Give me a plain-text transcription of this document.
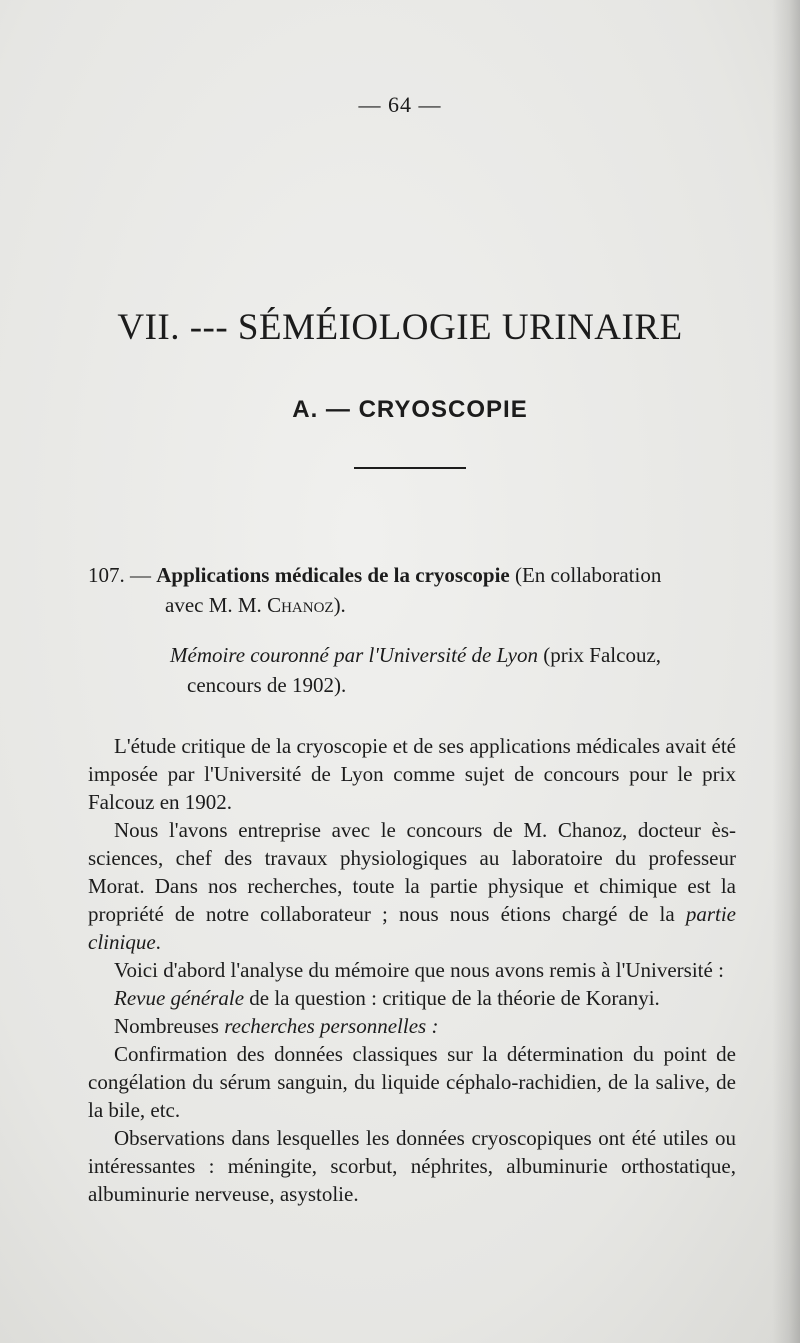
— 64 —
VII. --- SÉMÉIOLOGIE URINAIRE
A. — CRYOSCOPIE
107. — Applications médicales de la cryoscopie (En collaboration
avec M. M. Chanoz).
Mémoire couronné par l'Université de Lyon (prix Falcouz,
cencours de 1902).

L'étude critique de la cryoscopie et de ses applications médicales avait été imposée par l'Université de Lyon comme sujet de concours pour le prix Falcouz en 1902.

Nous l'avons entreprise avec le concours de M. Chanoz, docteur ès-sciences, chef des travaux physiologiques au laboratoire du professeur Morat. Dans nos recherches, toute la partie physique et chimique est la propriété de notre collaborateur ; nous nous étions chargé de la partie clinique.

Voici d'abord l'analyse du mémoire que nous avons remis à l'Université :

Revue générale de la question : critique de la théorie de Koranyi.

Nombreuses recherches personnelles :

Confirmation des données classiques sur la détermination du point de congélation du sérum sanguin, du liquide céphalo-rachidien, de la salive, de la bile, etc.

Observations dans lesquelles les données cryoscopiques ont été utiles ou intéressantes : méningite, scorbut, néphrites, albuminurie orthostatique, albuminurie nerveuse, asystolie.
